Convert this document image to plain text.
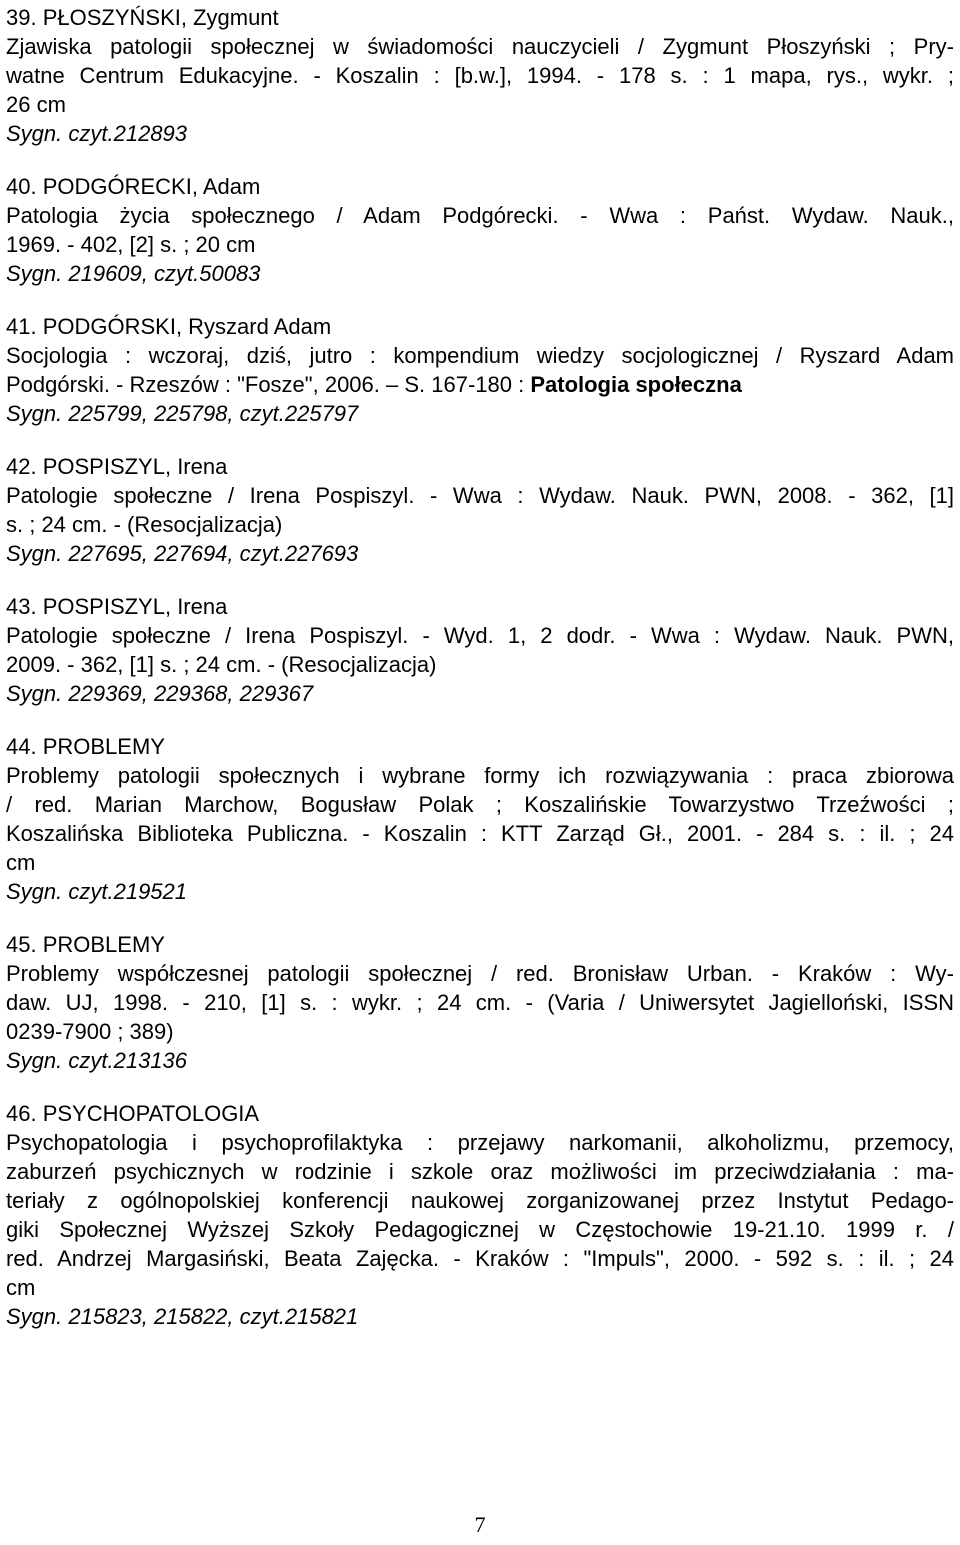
39. PŁOSZYŃSKI, Zygmunt
Zjawiska patologii społecznej w świadomości nauczycieli / Zygmunt Płoszyński ; Pry-
watne Centrum Edukacyjne. - Koszalin : [b.w.], 1994. - 178 s. : 1 mapa, rys., wykr. ;
26 cm
Sygn. czyt.212893
40. PODGÓRECKI, Adam
Patologia życia społecznego / Adam Podgórecki. - Wwa : Państ. Wydaw. Nauk.,
1969. - 402, [2] s. ; 20 cm
Sygn. 219609, czyt.50083
41. PODGÓRSKI, Ryszard Adam
Socjologia : wczoraj, dziś, jutro : kompendium wiedzy socjologicznej / Ryszard Adam
Podgórski. - Rzeszów : "Fosze", 2006. – S. 167-180 : Patologia społeczna
Sygn. 225799, 225798, czyt.225797
42. POSPISZYL, Irena
Patologie społeczne / Irena Pospiszyl. - Wwa : Wydaw. Nauk. PWN, 2008. - 362, [1]
s. ; 24 cm. - (Resocjalizacja)
Sygn. 227695, 227694, czyt.227693
43. POSPISZYL, Irena
Patologie społeczne / Irena Pospiszyl. - Wyd. 1, 2 dodr. - Wwa : Wydaw. Nauk. PWN,
2009. - 362, [1] s. ; 24 cm. - (Resocjalizacja)
Sygn. 229369, 229368, 229367
44. PROBLEMY
Problemy patologii społecznych i wybrane formy ich rozwiązywania : praca zbiorowa
/ red. Marian Marchow, Bogusław Polak ; Koszalińskie Towarzystwo Trzeźwości ;
Koszalińska Biblioteka Publiczna. - Koszalin : KTT Zarząd Gł., 2001. - 284 s. : il. ; 24
cm
Sygn. czyt.219521
45. PROBLEMY
Problemy współczesnej patologii społecznej / red. Bronisław Urban. - Kraków : Wy-
daw. UJ, 1998. - 210, [1] s. : wykr. ; 24 cm. - (Varia / Uniwersytet Jagielloński, ISSN
0239-7900 ; 389)
Sygn. czyt.213136
46. PSYCHOPATOLOGIA
Psychopatologia i psychoprofilaktyka : przejawy narkomanii, alkoholizmu, przemocy,
zaburzeń psychicznych w rodzinie i szkole oraz możliwości im przeciwdziałania : ma-
teriały z ogólnopolskiej konferencji naukowej zorganizowanej przez Instytut Pedago-
giki Społecznej Wyższej Szkoły Pedagogicznej w Częstochowie 19-21.10. 1999 r. /
red. Andrzej Margasiński, Beata Zajęcka. - Kraków : "Impuls", 2000. - 592 s. : il. ; 24
cm
Sygn. 215823, 215822, czyt.215821
7
